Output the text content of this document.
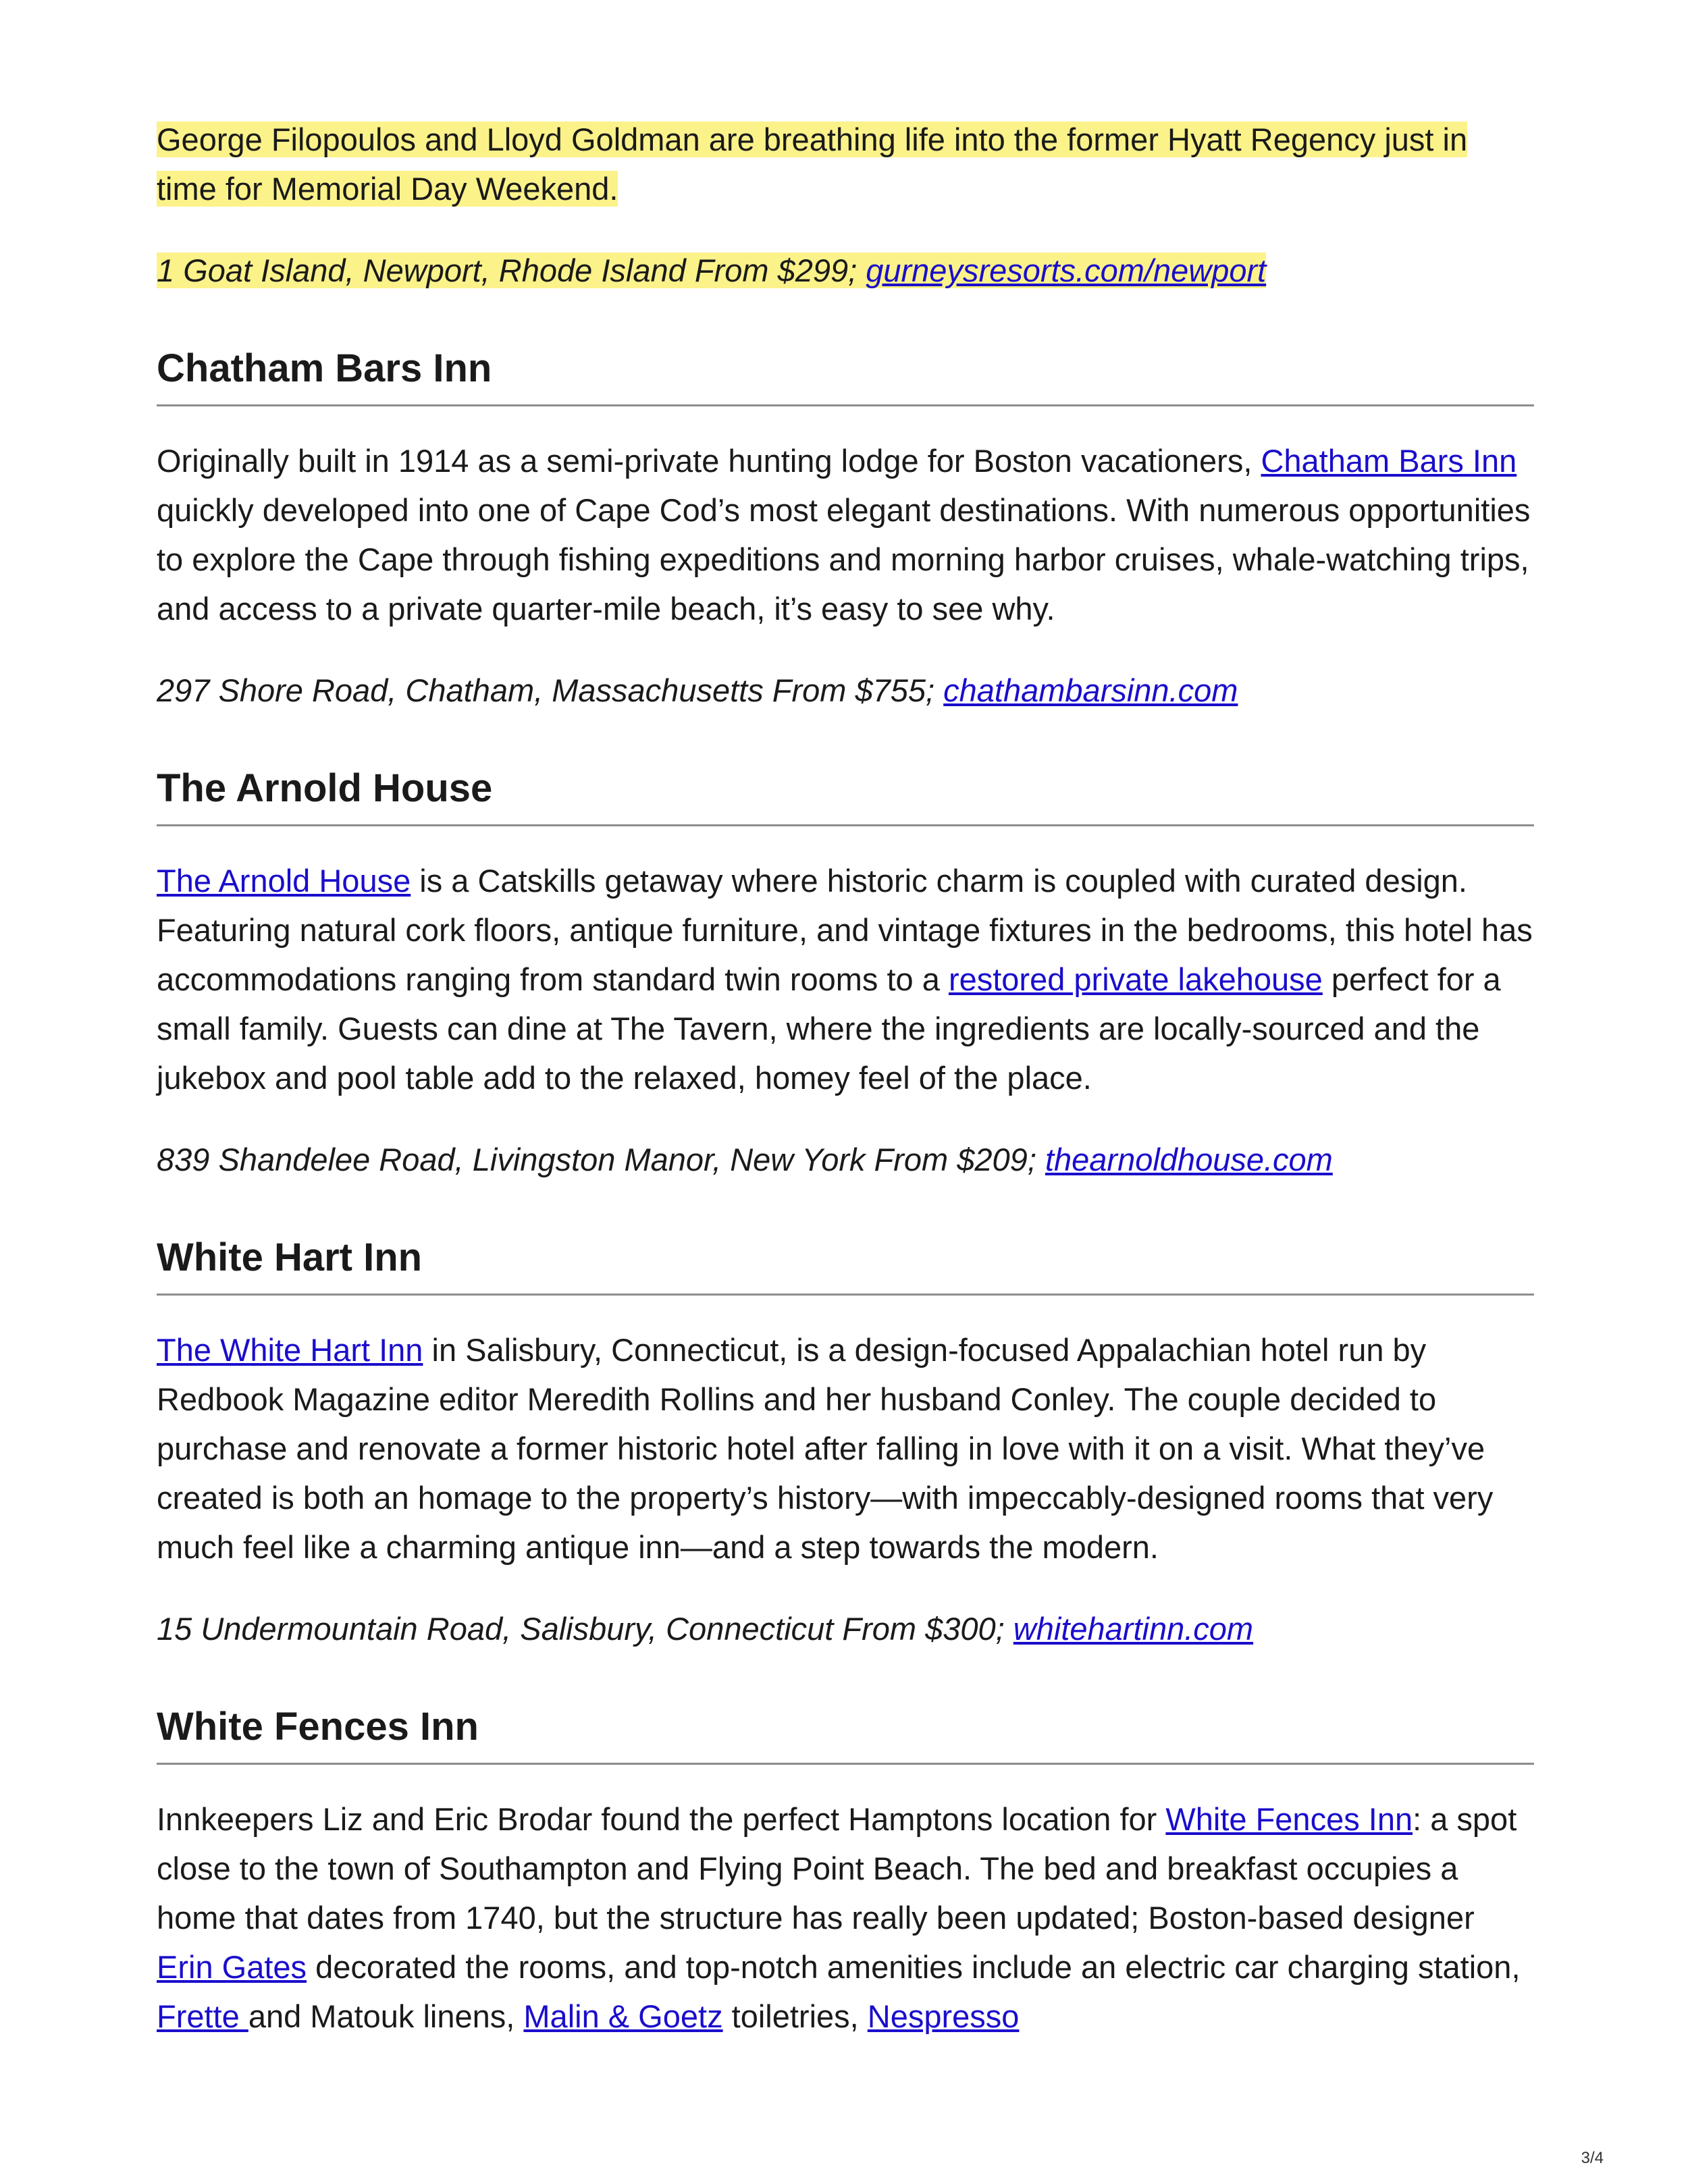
George Filopoulos and Lloyd Goldman are breathing life into the former Hyatt Regency just in time for Memorial Day Weekend.

1 Goat Island, Newport, Rhode Island From $299; gurneysresorts.com/newport

Chatham Bars Inn

Originally built in 1914 as a semi-private hunting lodge for Boston vacationers, Chatham Bars Inn quickly developed into one of Cape Cod’s most elegant destinations. With numerous opportunities to explore the Cape through fishing expeditions and morning harbor cruises, whale-watching trips, and access to a private quarter-mile beach, it’s easy to see why.

297 Shore Road, Chatham, Massachusetts From $755; chathambarsinn.com

The Arnold House

The Arnold House is a Catskills getaway where historic charm is coupled with curated design. Featuring natural cork floors, antique furniture, and vintage fixtures in the bedrooms, this hotel has accommodations ranging from standard twin rooms to a restored private lakehouse perfect for a small family. Guests can dine at The Tavern, where the ingredients are locally-sourced and the jukebox and pool table add to the relaxed, homey feel of the place.

839 Shandelee Road, Livingston Manor, New York From $209; thearnoldhouse.com

White Hart Inn

The White Hart Inn in Salisbury, Connecticut, is a design-focused Appalachian hotel run by Redbook Magazine editor Meredith Rollins and her husband Conley. The couple decided to purchase and renovate a former historic hotel after falling in love with it on a visit. What they’ve created is both an homage to the property’s history—with impeccably-designed rooms that very much feel like a charming antique inn—and a step towards the modern.

15 Undermountain Road, Salisbury, Connecticut From $300; whitehartinn.com

White Fences Inn

Innkeepers Liz and Eric Brodar found the perfect Hamptons location for White Fences Inn: a spot close to the town of Southampton and Flying Point Beach. The bed and breakfast occupies a home that dates from 1740, but the structure has really been updated; Boston-based designer Erin Gates decorated the rooms, and top-notch amenities include an electric car charging station, Frette and Matouk linens, Malin & Goetz toiletries, Nespresso

3/4
